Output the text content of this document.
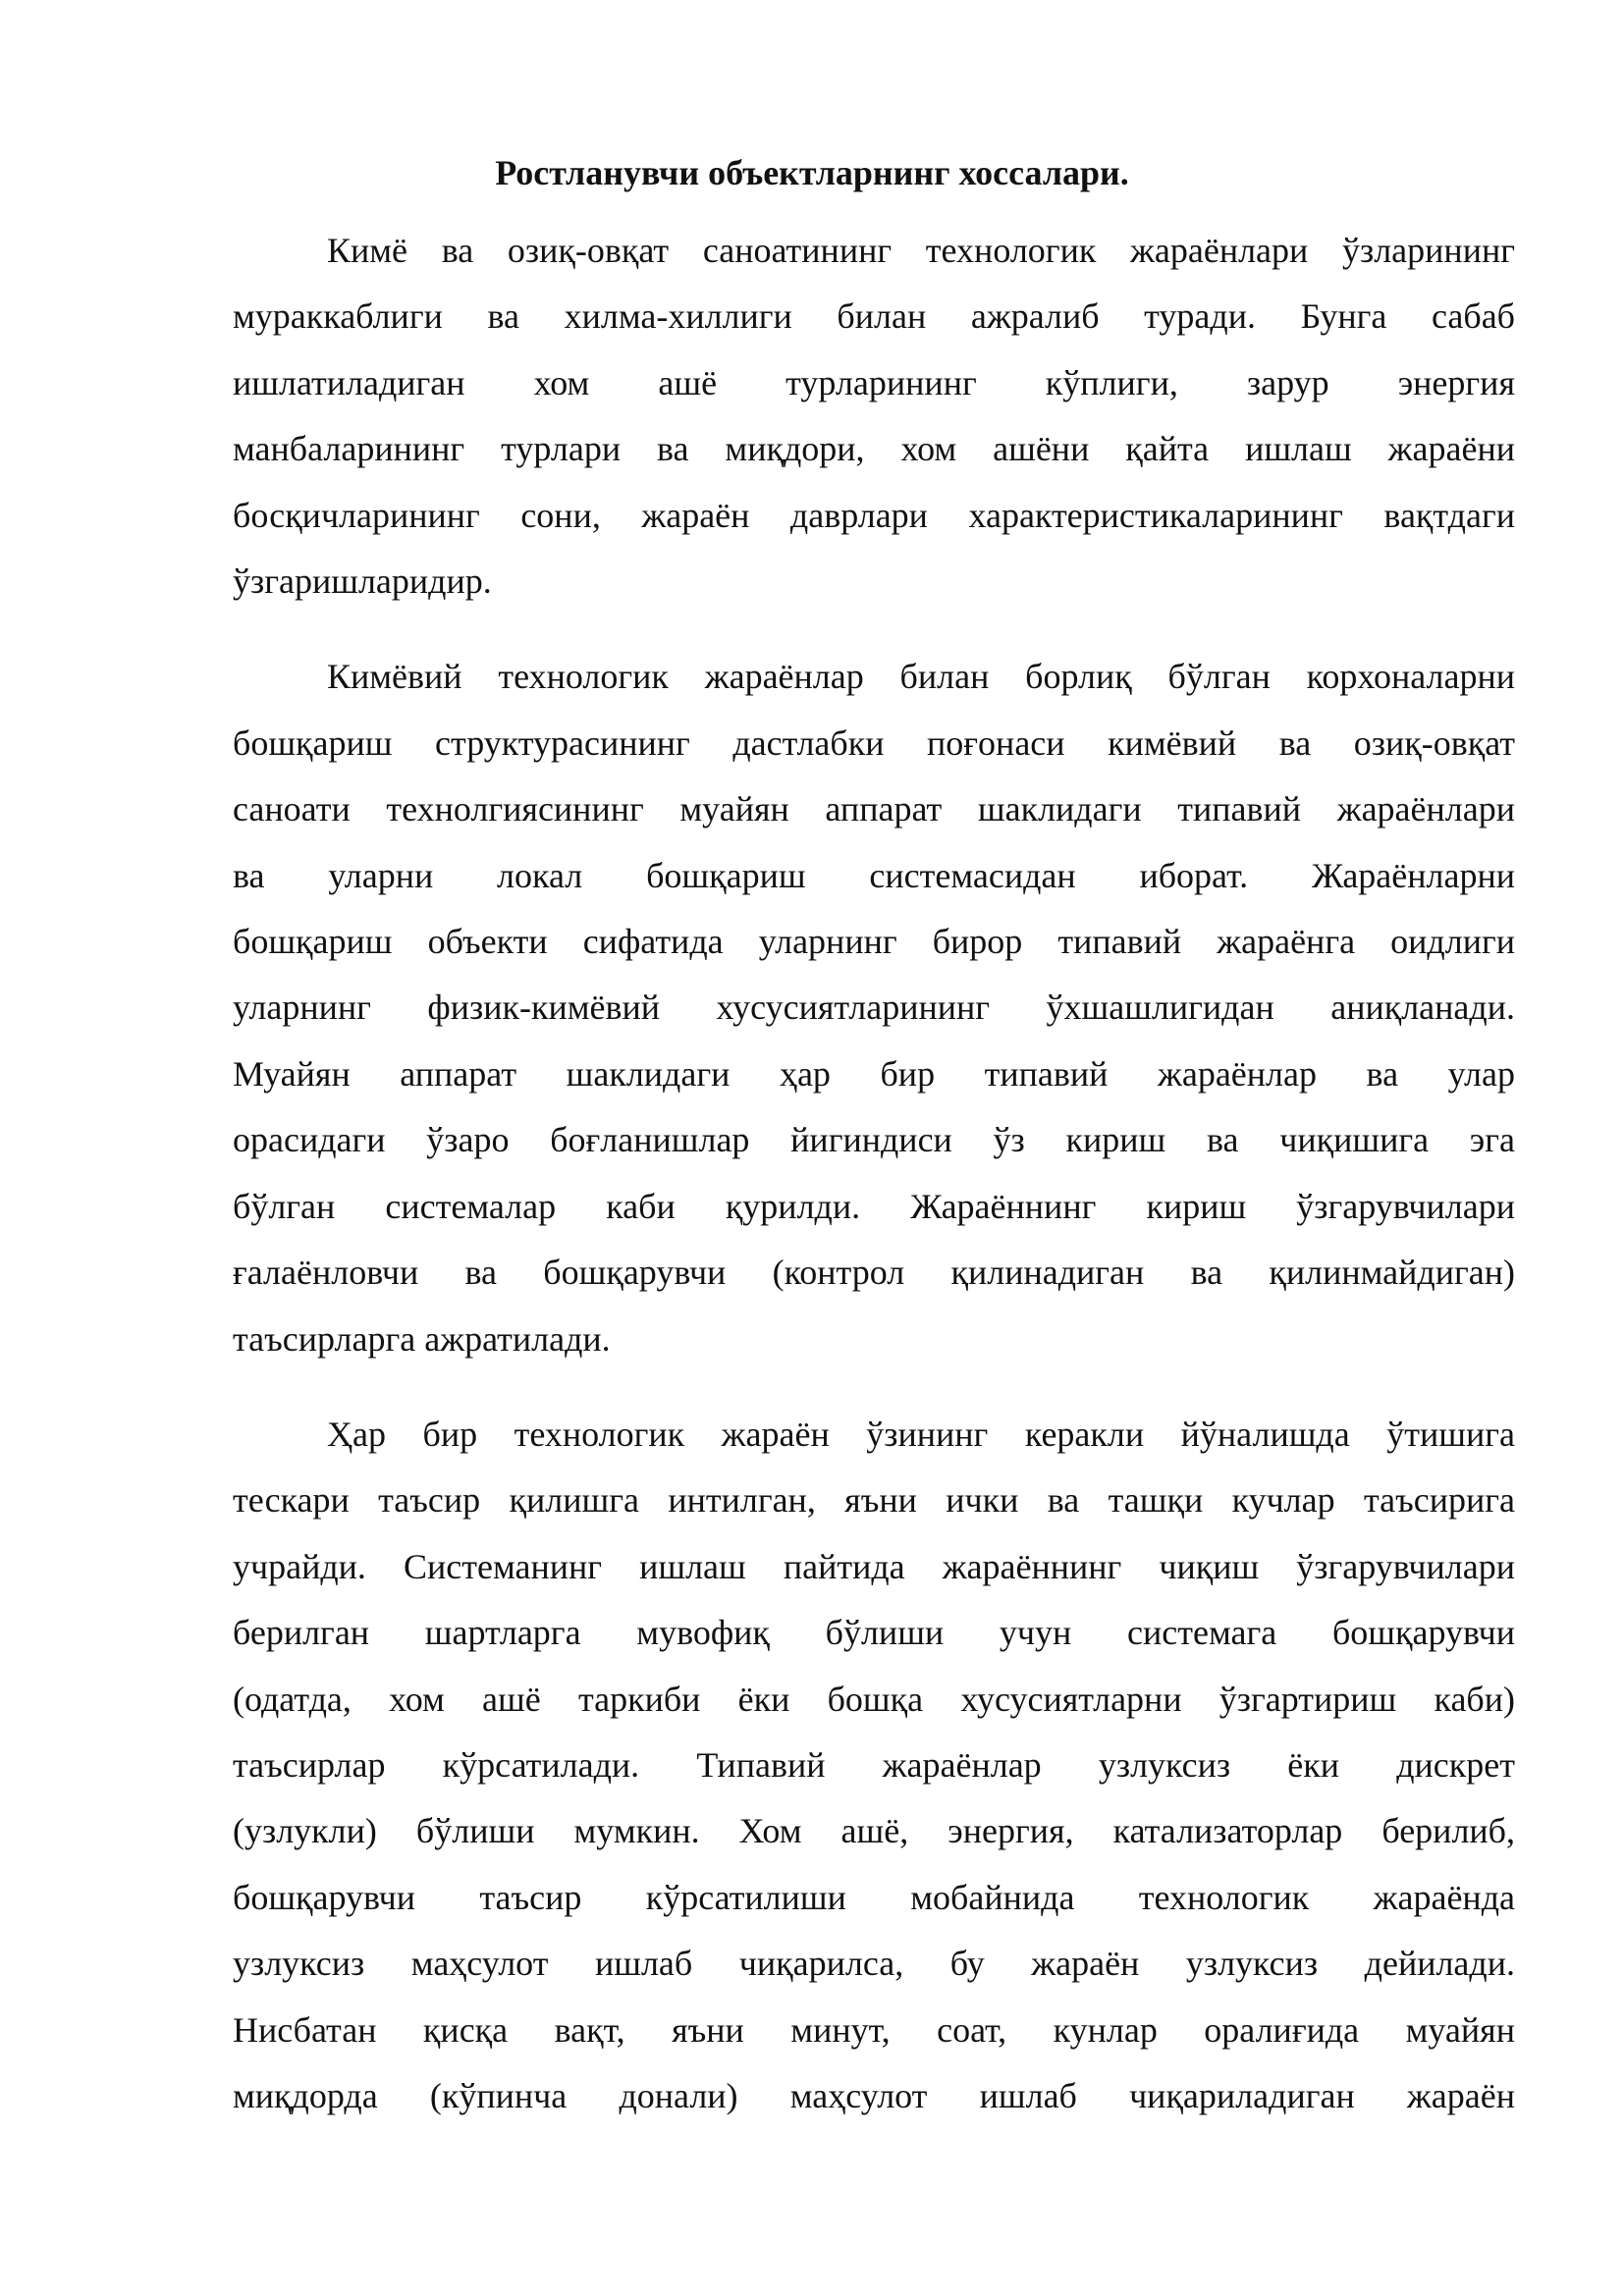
Ростланувчи объектларнинг хоссалари.

Кимё ва озиқ-овқат саноатининг технологик жараёнлари ўзларининг
мураккаблиги ва хилма-хиллиги билан ажралиб туради. Бунга сабаб
ишлатиладиган хом ашё турларининг кўплиги, зарур энергия
манбаларининг турлари ва миқдори, хом ашёни қайта ишлаш жараёни
босқичларининг сони, жараён даврлари характеристикаларининг вақтдаги
ўзгаришларидир.

Кимёвий технологик жараёнлар билан борлиқ бўлган корхоналарни
бошқариш структурасининг дастлабки поғонаси кимёвий ва озиқ-овқат
саноати технолгиясининг муайян аппарат шаклидаги типавий жараёнлари
ва уларни локал бошқариш системасидан иборат. Жараёнларни
бошқариш объекти сифатида уларнинг бирор типавий жараёнга оидлиги
уларнинг физик-кимёвий хусусиятларининг ўхшашлигидан аниқланади.
Муайян аппарат шаклидаги ҳар бир типавий жараёнлар ва улар
орасидаги ўзаро боғланишлар йигиндиси ўз кириш ва чиқишига эга
бўлган системалар каби қурилди. Жараённинг кириш ўзгарувчилари
ғалаёнловчи ва бошқарувчи (контрол қилинадиган ва қилинмайдиган)
таъсирларга ажратилади.

Ҳар бир технологик жараён ўзининг керакли йўналишда ўтишига
тескари таъсир қилишга интилган, яъни ички ва ташқи кучлар таъсирига
учрайди. Системанинг ишлаш пайтида жараённинг чиқиш ўзгарувчилари
берилган шартларга мувофиқ бўлиши учун системага бошқарувчи
(одатда, хом ашё таркиби ёки бошқа хусусиятларни ўзгартириш каби)
таъсирлар кўрсатилади. Типавий жараёнлар узлуксиз ёки дискрет
(узлукли) бўлиши мумкин. Хом ашё, энергия, катализаторлар берилиб,
бошқарувчи таъсир кўрсатилиши мобайнида технологик жараёнда
узлуксиз маҳсулот ишлаб чиқарилса, бу жараён узлуксиз дейилади.
Нисбатан қисқа вақт, яъни минут, соат, кунлар оралиғида муайян
миқдорда (кўпинча донали) маҳсулот ишлаб чиқариладиган жараён
